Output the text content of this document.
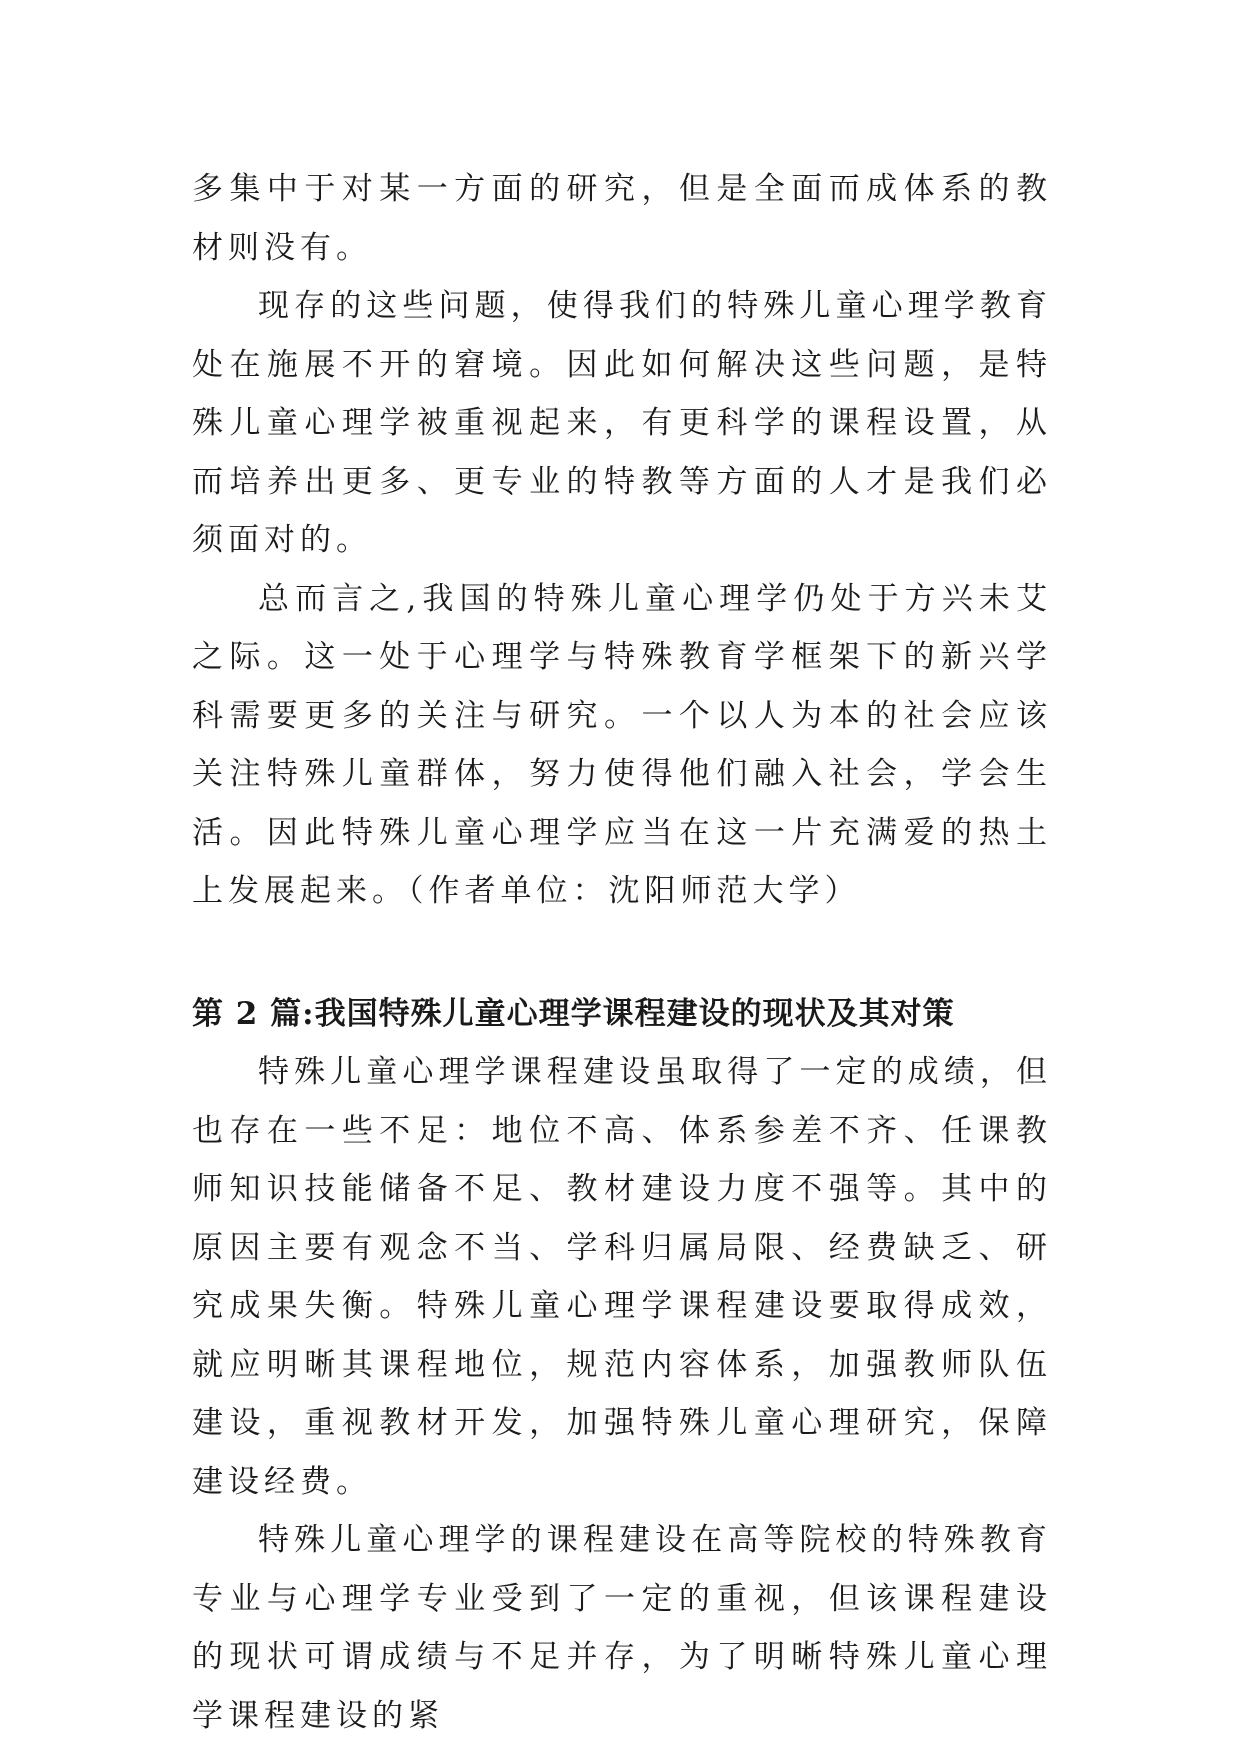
多集中于对某一方面的研究，但是全面而成体系的教材则没有。

现存的这些问题，使得我们的特殊儿童心理学教育处在施展不开的窘境。因此如何解决这些问题，是特殊儿童心理学被重视起来，有更科学的课程设置，从而培养出更多、更专业的特教等方面的人才是我们必须面对的。

总而言之,我国的特殊儿童心理学仍处于方兴未艾之际。这一处于心理学与特殊教育学框架下的新兴学科需要更多的关注与研究。一个以人为本的社会应该关注特殊儿童群体，努力使得他们融入社会，学会生活。因此特殊儿童心理学应当在这一片充满爱的热土上发展起来。（作者单位：沈阳师范大学）

第 2 篇:我国特殊儿童心理学课程建设的现状及其对策

特殊儿童心理学课程建设虽取得了一定的成绩，但也存在一些不足：地位不高、体系参差不齐、任课教师知识技能储备不足、教材建设力度不强等。其中的原因主要有观念不当、学科归属局限、经费缺乏、研究成果失衡。特殊儿童心理学课程建设要取得成效，就应明晰其课程地位，规范内容体系，加强教师队伍建设，重视教材开发，加强特殊儿童心理研究，保障建设经费。

特殊儿童心理学的课程建设在高等院校的特殊教育专业与心理学专业受到了一定的重视，但该课程建设的现状可谓成绩与不足并存，为了明晰特殊儿童心理学课程建设的紧
